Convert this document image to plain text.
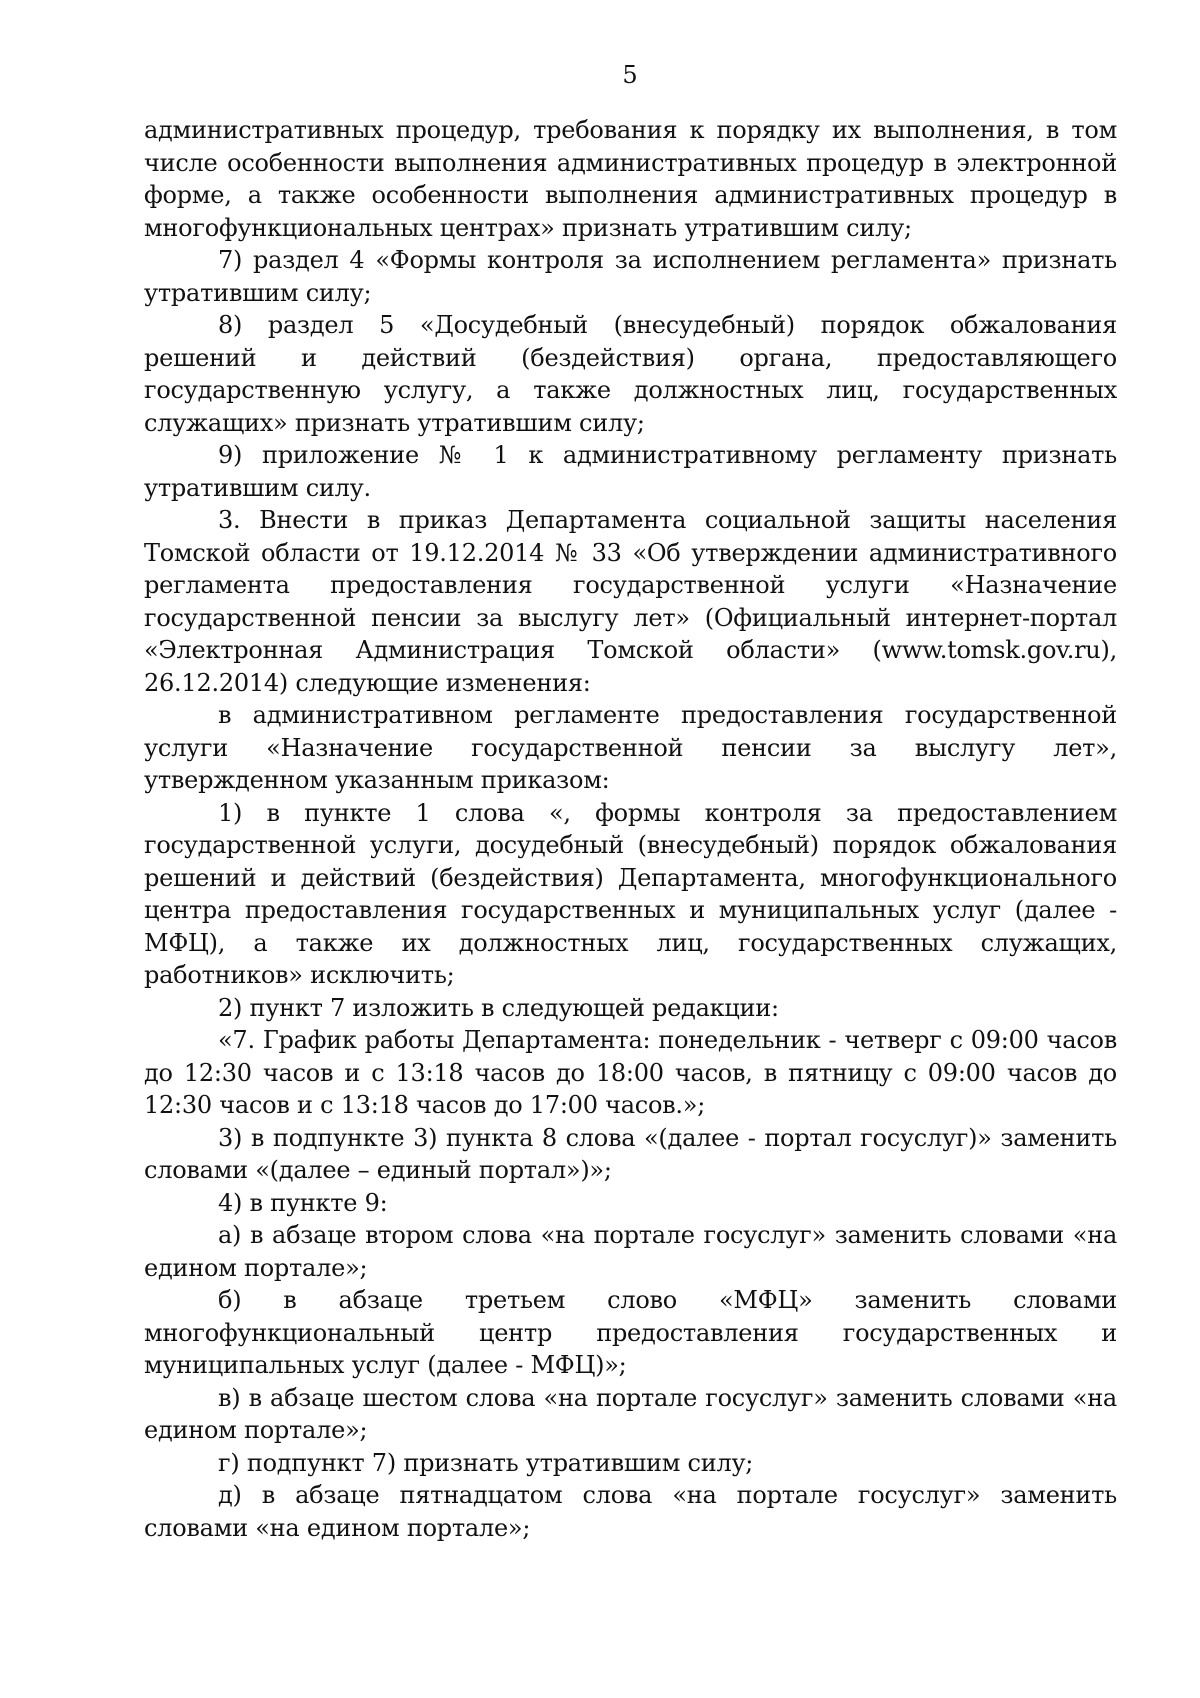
5

административных процедур, требования к порядку их выполнения, в том числе особенности выполнения административных процедур в электронной форме, а также особенности выполнения административных процедур в многофункциональных центрах» признать утратившим силу;

7) раздел 4 «Формы контроля за исполнением регламента» признать утратившим силу;

8) раздел 5 «Досудебный (внесудебный) порядок обжалования решений и действий (бездействия) органа, предоставляющего государственную услугу, а также должностных лиц, государственных служащих» признать утратившим силу;

9) приложение № 1 к административному регламенту признать утратившим силу.

3. Внести в приказ Департамента социальной защиты населения Томской области от 19.12.2014 № 33 «Об утверждении административного регламента предоставления государственной услуги «Назначение государственной пенсии за выслугу лет» (Официальный интернет-портал «Электронная Администрация Томской области» (www.tomsk.gov.ru), 26.12.2014) следующие изменения:

в административном регламенте предоставления государственной услуги «Назначение государственной пенсии за выслугу лет», утвержденном указанным приказом:

1) в пункте 1 слова «, формы контроля за предоставлением государственной услуги, досудебный (внесудебный) порядок обжалования решений и действий (бездействия) Департамента, многофункционального центра предоставления государственных и муниципальных услуг (далее - МФЦ), а также их должностных лиц, государственных служащих, работников» исключить;

2) пункт 7 изложить в следующей редакции:

«7. График работы Департамента: понедельник - четверг с 09:00 часов до 12:30 часов и с 13:18 часов до 18:00 часов, в пятницу с 09:00 часов до 12:30 часов и с 13:18 часов до 17:00 часов.»;

3) в подпункте 3) пункта 8 слова «(далее - портал госуслуг)» заменить словами «(далее – единый портал»)»;

4) в пункте 9:

а) в абзаце втором слова «на портале госуслуг» заменить словами «на едином портале»;

б) в абзаце третьем слово «МФЦ» заменить словами многофункциональный центр предоставления государственных и муниципальных услуг (далее - МФЦ)»;

в) в абзаце шестом слова «на портале госуслуг» заменить словами «на едином портале»;

г) подпункт 7) признать утратившим силу;

д) в абзаце пятнадцатом слова «на портале госуслуг» заменить словами «на едином портале»;
